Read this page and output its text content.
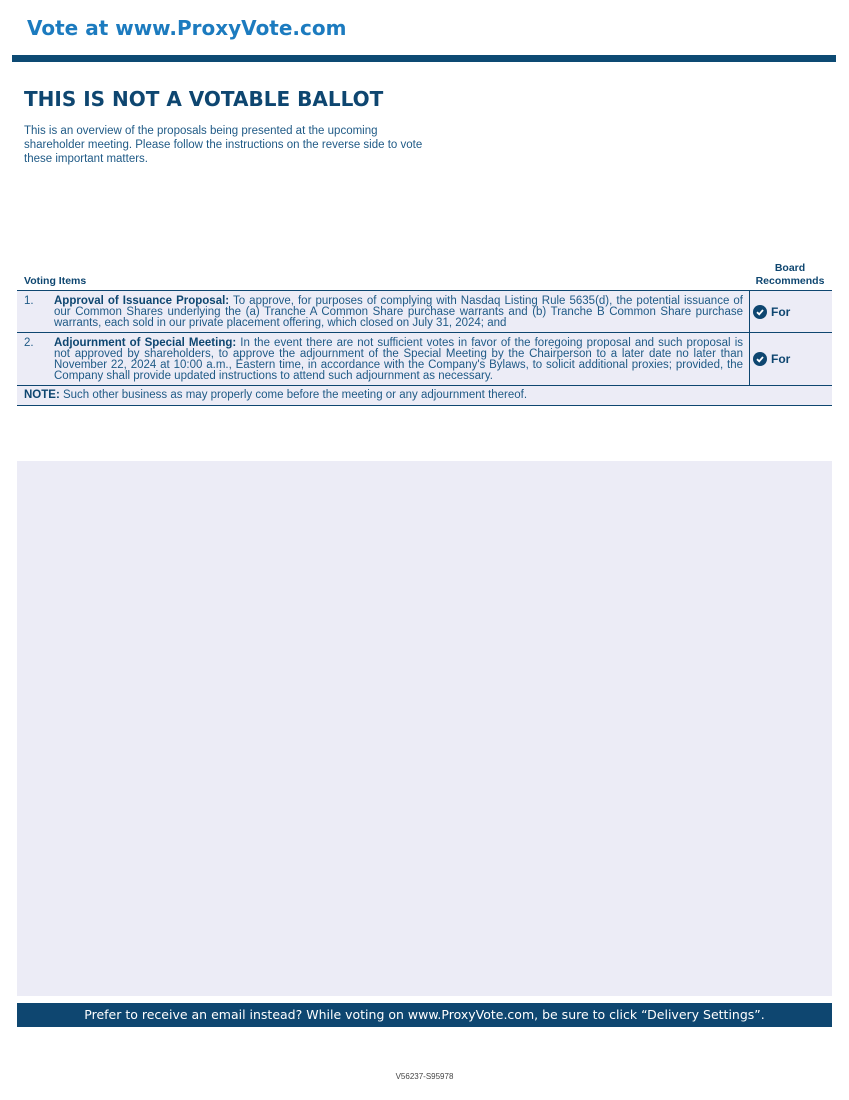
Vote at www.ProxyVote.com
THIS IS NOT A VOTABLE BALLOT
This is an overview of the proposals being presented at the upcoming shareholder meeting. Please follow the instructions on the reverse side to vote these important matters.
Voting Items
Board
Recommends
1.	Approval of Issuance Proposal: To approve, for purposes of complying with Nasdaq Listing Rule 5635(d), the potential issuance of our Common Shares underlying the (a) Tranche A Common Share purchase warrants and (b) Tranche B Common Share purchase warrants, each sold in our private placement offering, which closed on July 31, 2024; and
For
2.	Adjournment of Special Meeting: In the event there are not sufficient votes in favor of the foregoing proposal and such proposal is not approved by shareholders, to approve the adjournment of the Special Meeting by the Chairperson to a later date no later than November 22, 2024 at 10:00 a.m., Eastern time, in accordance with the Company's Bylaws, to solicit additional proxies; provided, the Company shall provide updated instructions to attend such adjournment as necessary.
For
NOTE: Such other business as may properly come before the meeting or any adjournment thereof.
Prefer to receive an email instead? While voting on www.ProxyVote.com, be sure to click “Delivery Settings”.
V56237-S95978
